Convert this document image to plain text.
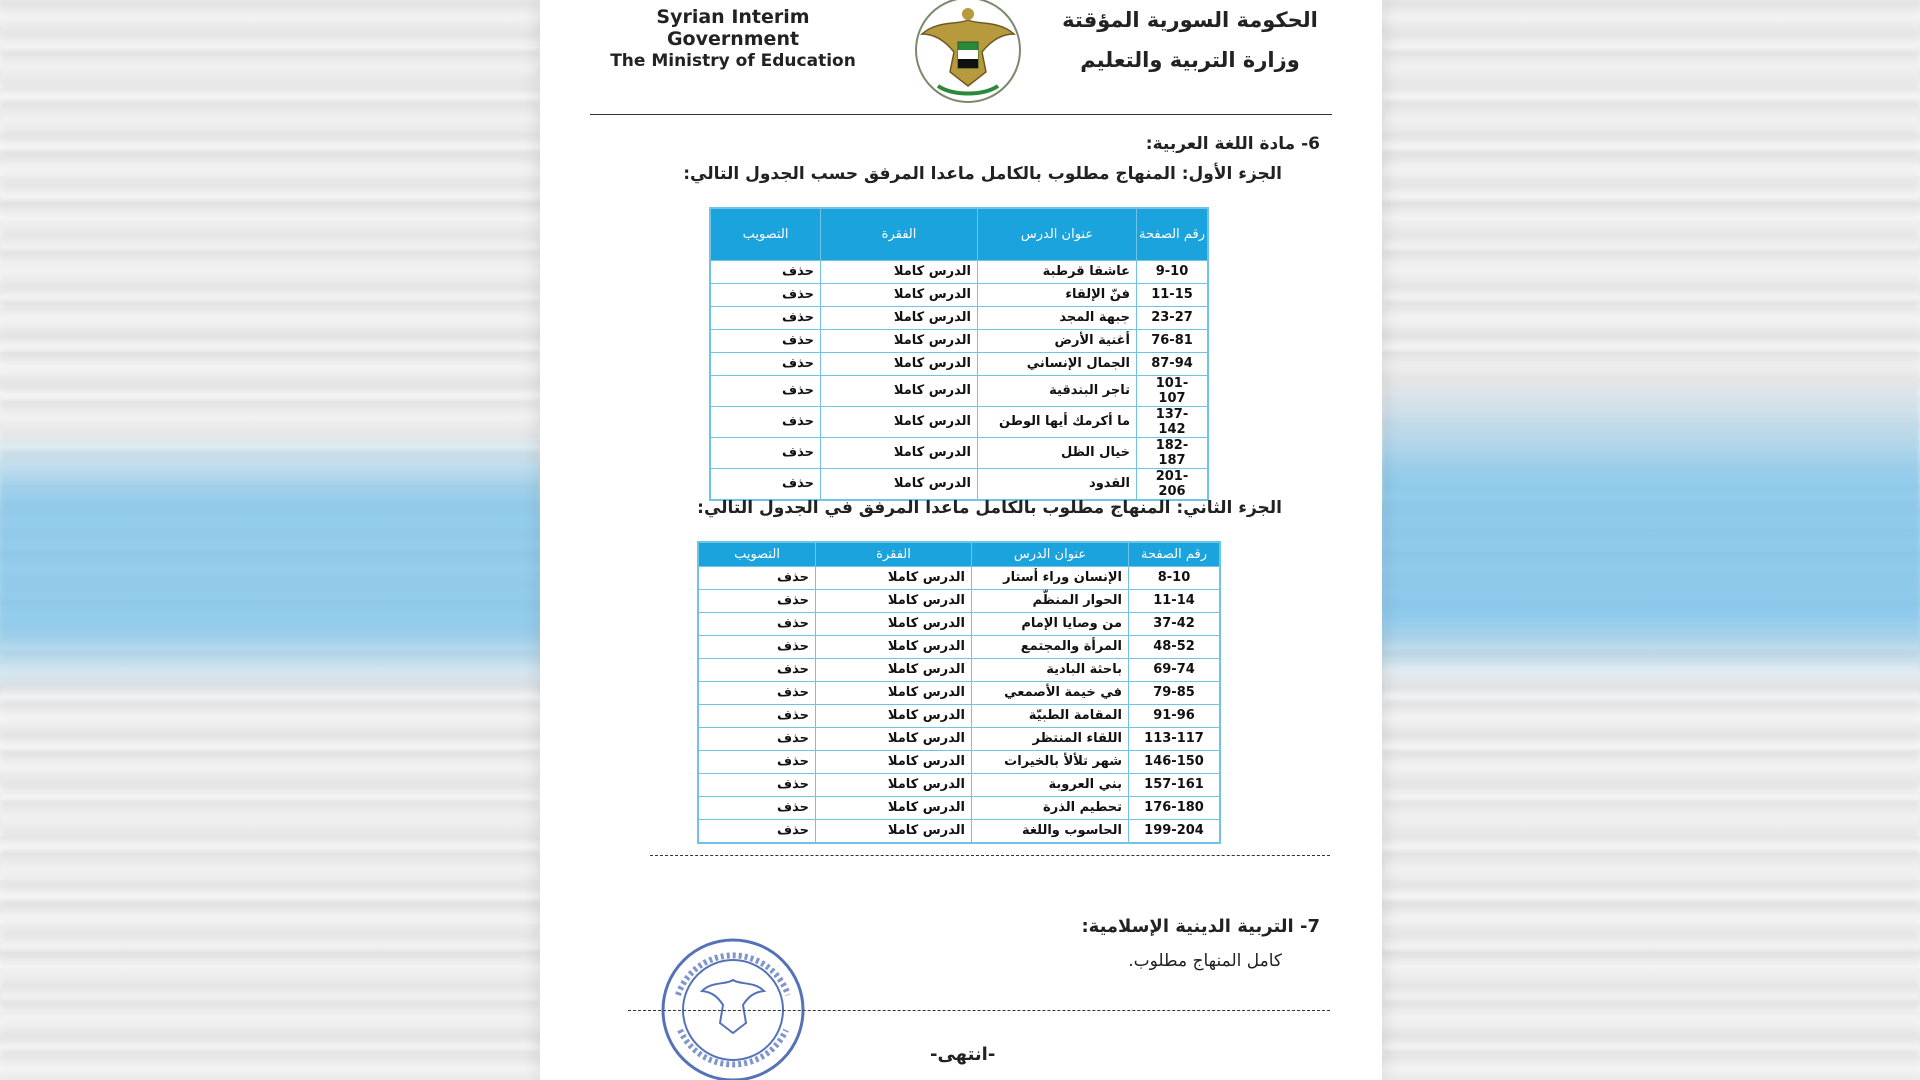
Syrian Interim Government
The Ministry of Education
الحكومة السورية المؤقتة
وزارة التربية والتعليم
6- مادة اللغة العربية:
الجزء الأول: المنهاج مطلوب بالكامل ماعدا المرفق حسب الجدول التالي:
رقم الصفحة	عنوان الدرس	الفقرة	التصويب
9-10	عاشقا قرطبة	الدرس كاملا	حذف
11-15	فنّ الإلقاء	الدرس كاملا	حذف
23-27	جبهة المجد	الدرس كاملا	حذف
76-81	أغنية الأرض	الدرس كاملا	حذف
87-94	الجمال الإنساني	الدرس كاملا	حذف
101-107	تاجر البندقية	الدرس كاملا	حذف
137-142	ما أكرمك أيها الوطن	الدرس كاملا	حذف
182-187	خيال الظل	الدرس كاملا	حذف
201-206	القدود	الدرس كاملا	حذف
الجزء الثاني: المنهاج مطلوب بالكامل ماعدا المرفق في الجدول التالي:
رقم الصفحة	عنوان الدرس	الفقرة	التصويب
8-10	الإنسان وراء أستار	الدرس كاملا	حذف
11-14	الحوار المنظّم	الدرس كاملا	حذف
37-42	من وصايا الإمام	الدرس كاملا	حذف
48-52	المرأة والمجتمع	الدرس كاملا	حذف
69-74	باحثة البادية	الدرس كاملا	حذف
79-85	في خيمة الأصمعي	الدرس كاملا	حذف
91-96	المقامة الطبيّة	الدرس كاملا	حذف
113-117	اللقاء المنتظر	الدرس كاملا	حذف
146-150	شهر تلألأ بالخيرات	الدرس كاملا	حذف
157-161	بني العروبة	الدرس كاملا	حذف
176-180	تحطيم الذرة	الدرس كاملا	حذف
199-204	الحاسوب واللغة	الدرس كاملا	حذف
7- التربية الدينية الإسلامية:
كامل المنهاج مطلوب.
-انتهى-
